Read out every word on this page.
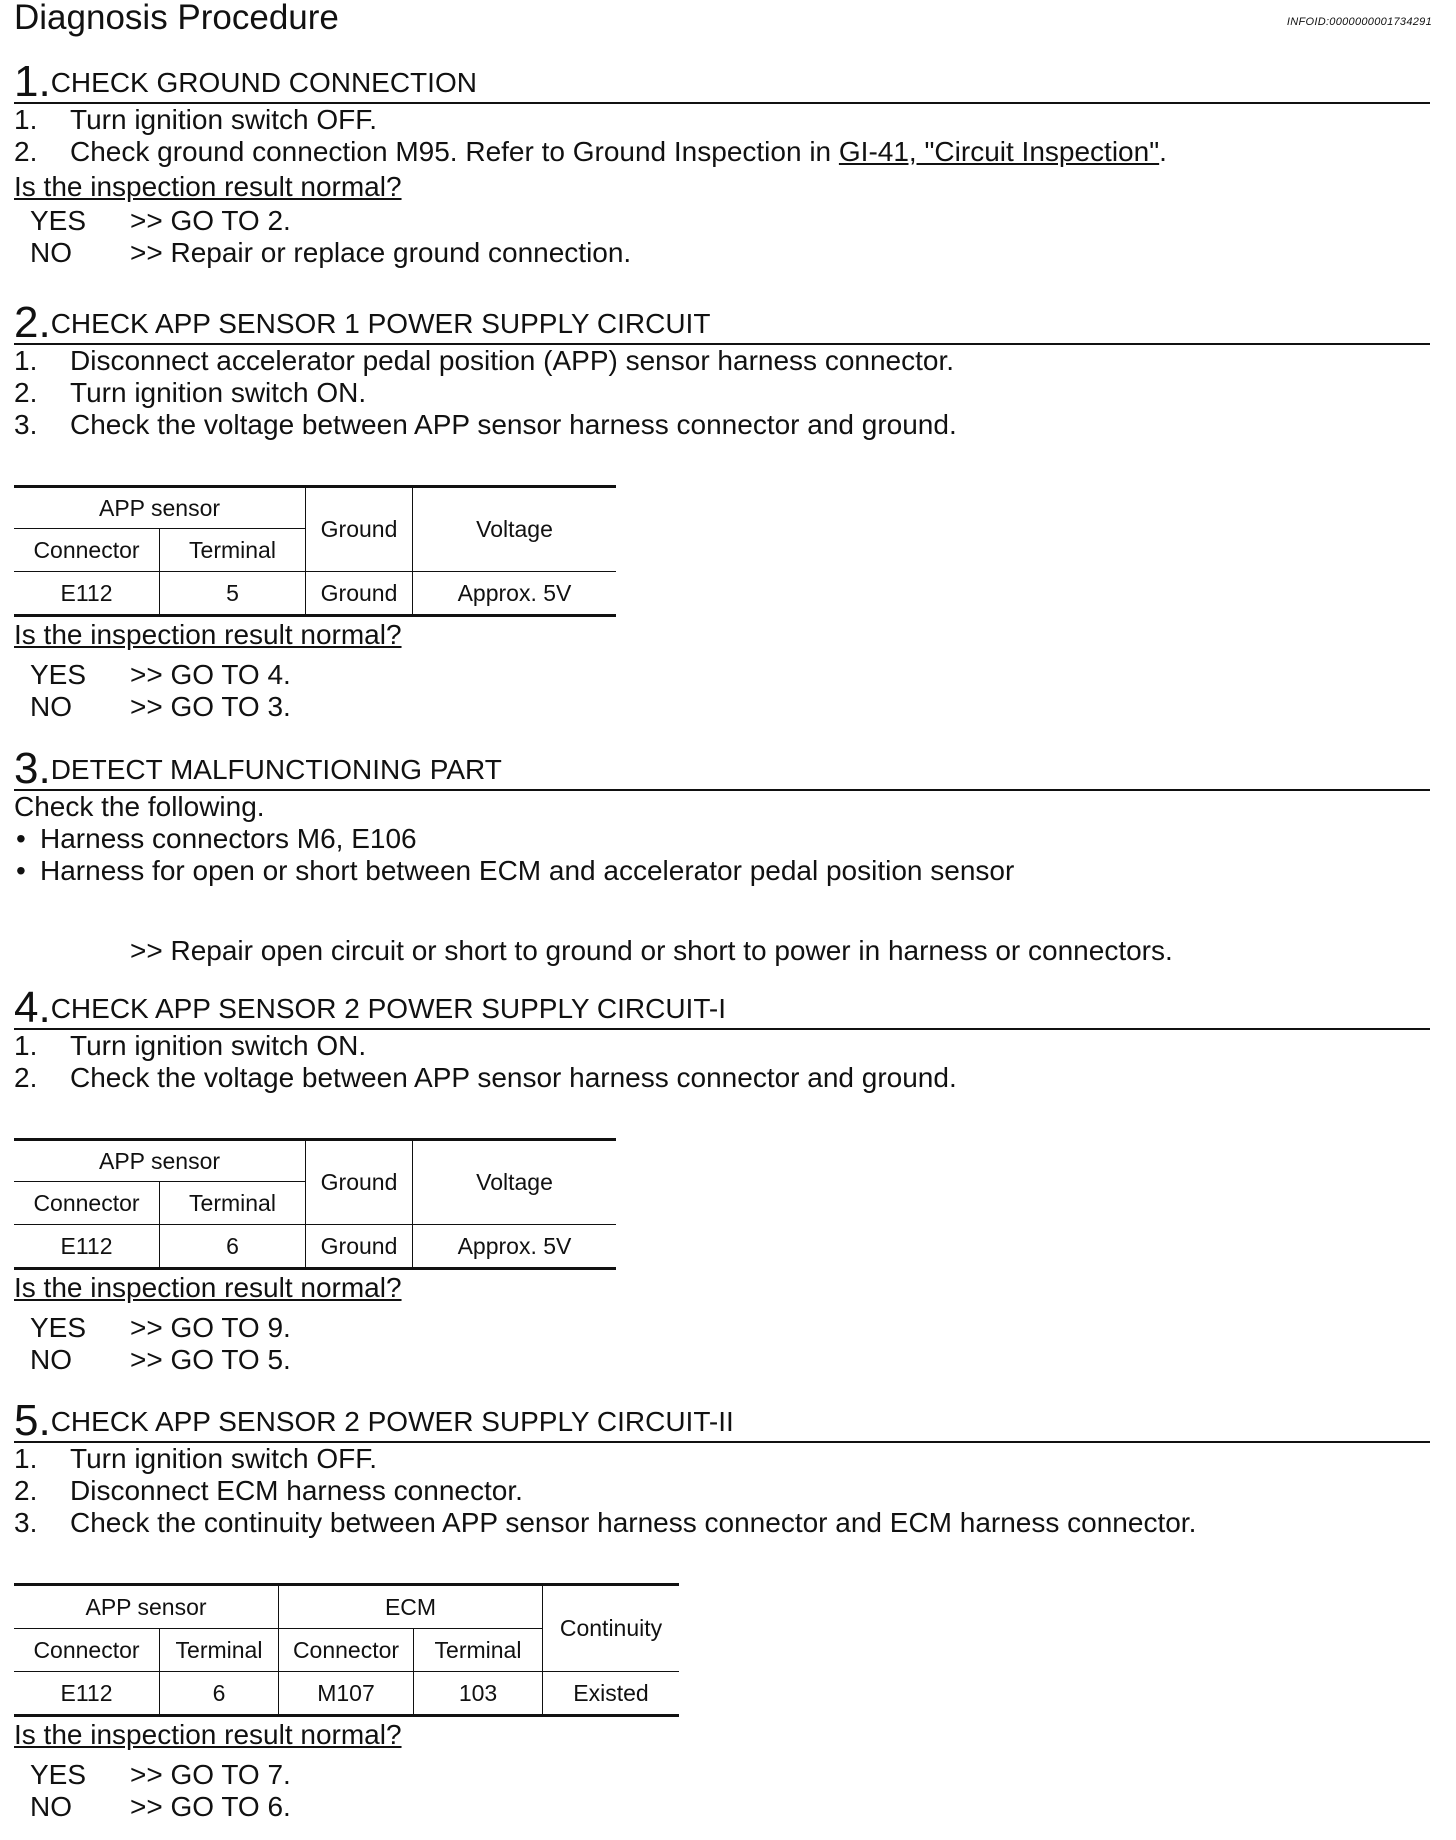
Diagnosis Procedure	INFOID:0000000001734291
1.CHECK GROUND CONNECTION
1. Turn ignition switch OFF.
2. Check ground connection M95. Refer to Ground Inspection in GI-41, "Circuit Inspection".
Is the inspection result normal?
YES >> GO TO 2.
NO >> Repair or replace ground connection.
2.CHECK APP SENSOR 1 POWER SUPPLY CIRCUIT
1. Disconnect accelerator pedal position (APP) sensor harness connector.
2. Turn ignition switch ON.
3. Check the voltage between APP sensor harness connector and ground.
APP sensor		Ground	Voltage
Connector	Terminal		
E112	5	Ground	Approx. 5V
Is the inspection result normal?
YES >> GO TO 4.
NO >> GO TO 3.
3.DETECT MALFUNCTIONING PART
Check the following.
• Harness connectors M6, E106
• Harness for open or short between ECM and accelerator pedal position sensor
>> Repair open circuit or short to ground or short to power in harness or connectors.
4.CHECK APP SENSOR 2 POWER SUPPLY CIRCUIT-I
1. Turn ignition switch ON.
2. Check the voltage between APP sensor harness connector and ground.
APP sensor		Ground	Voltage
Connector	Terminal		
E112	6	Ground	Approx. 5V
Is the inspection result normal?
YES >> GO TO 9.
NO >> GO TO 5.
5.CHECK APP SENSOR 2 POWER SUPPLY CIRCUIT-II
1. Turn ignition switch OFF.
2. Disconnect ECM harness connector.
3. Check the continuity between APP sensor harness connector and ECM harness connector.
APP sensor		ECM		Continuity
Connector	Terminal	Connector	Terminal	
E112	6	M107	103	Existed
Is the inspection result normal?
YES >> GO TO 7.
NO >> GO TO 6.
